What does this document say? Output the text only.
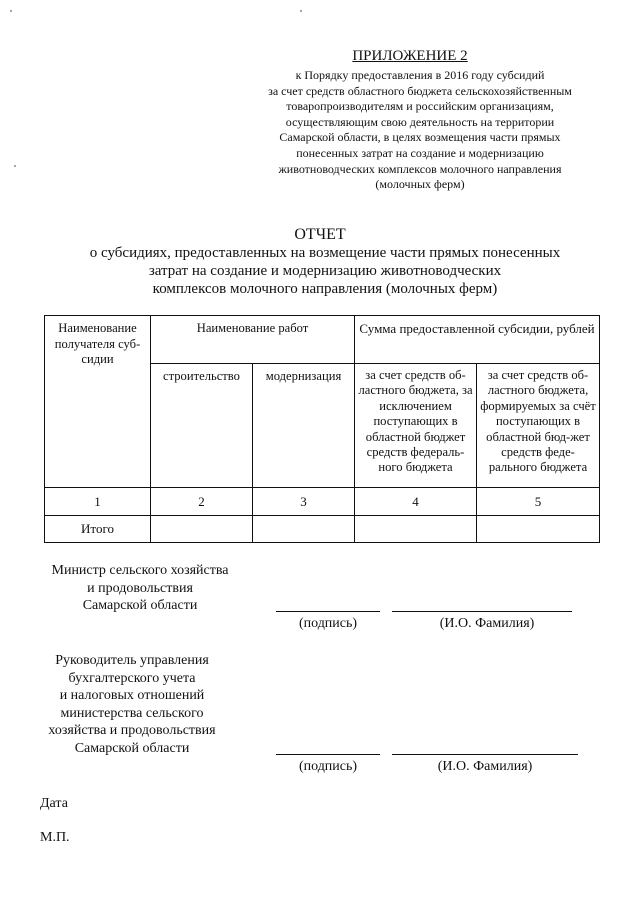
ПРИЛОЖЕНИЕ 2
к Порядку предоставления в 2016 году субсидий
за счет средств областного бюджета сельскохозяйственным
товаропроизводителям и российским организациям,
осуществляющим свою деятельность на территории
Самарской области, в целях возмещения части прямых
понесенных затрат на создание и модернизацию
животноводческих комплексов молочного направления
(молочных ферм)
ОТЧЕТ
о субсидиях, предоставленных на возмещение части прямых понесенных
затрат на создание и модернизацию животноводческих
комплексов молочного направления (молочных ферм)
Наименование получателя суб-сидии	Наименование работ		Сумма предоставленной субсидии, рублей	

	строительство	модернизация	за счет средств об-ластного бюджета, за исключением поступающих в областной бюджет средств федераль-ного бюджета	за счет средств об-ластного бюджета, формируемых за счёт поступающих в областной бюд-жет средств феде-рального бюджета

1	2	3	4	5
Итого				
Министр сельского хозяйства
и продовольствия
Самарской области
(подпись)	(И.О. Фамилия)
Руководитель управления
бухгалтерского учета
и налоговых отношений
министерства сельского
хозяйства и продовольствия
Самарской области
(подпись)	(И.О. Фамилия)
Дата
М.П.
